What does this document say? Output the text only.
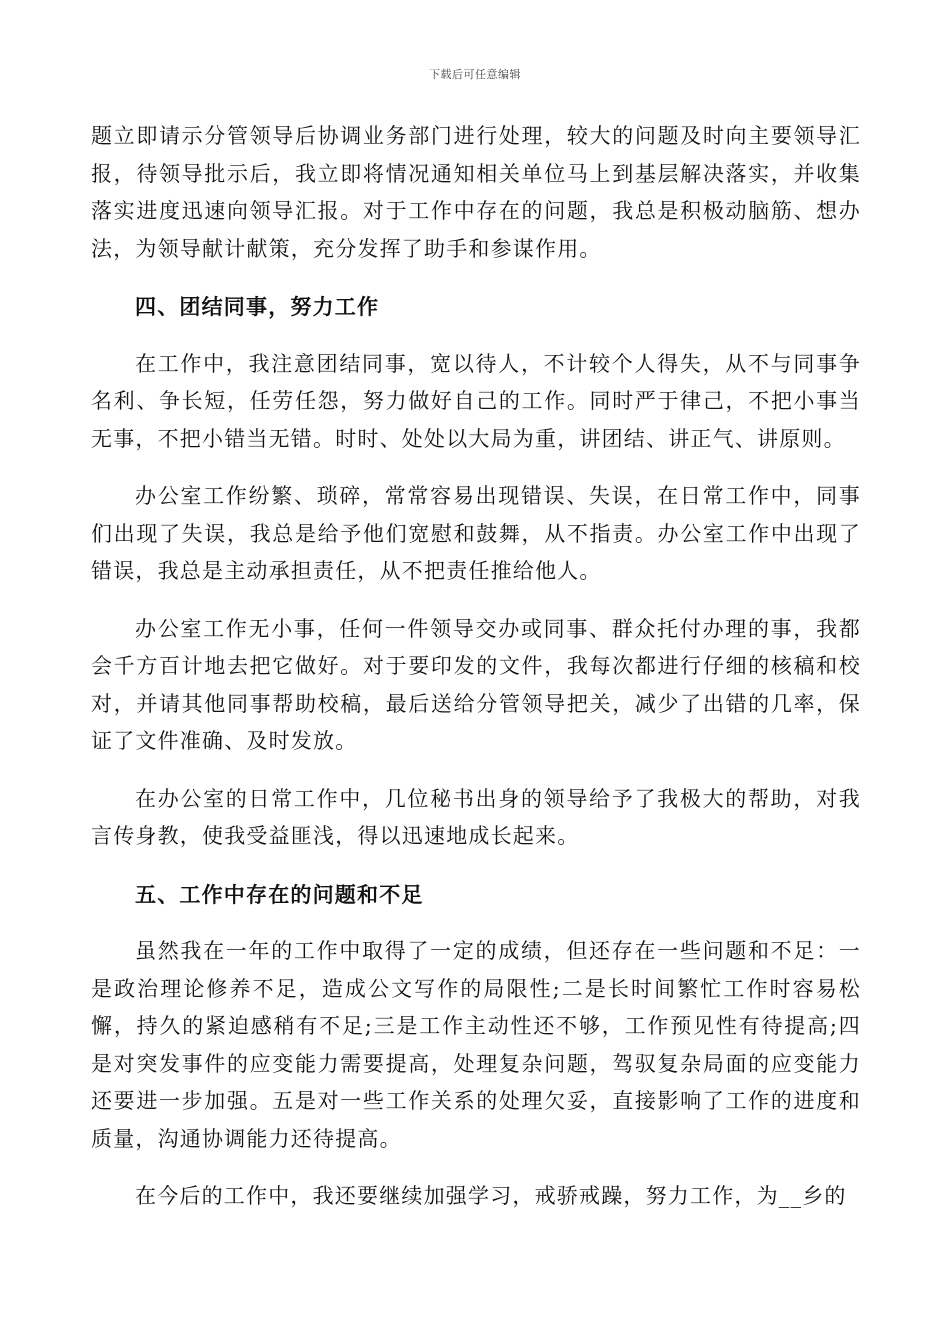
下载后可任意编辑

题立即请示分管领导后协调业务部门进行处理，较大的问题及时向主要领导汇报，待领导批示后，我立即将情况通知相关单位马上到基层解决落实，并收集落实进度迅速向领导汇报。对于工作中存在的问题，我总是积极动脑筋、想办法，为领导献计献策，充分发挥了助手和参谋作用。

四、团结同事，努力工作

在工作中，我注意团结同事，宽以待人，不计较个人得失，从不与同事争名利、争长短，任劳任怨，努力做好自己的工作。同时严于律己，不把小事当无事，不把小错当无错。时时、处处以大局为重，讲团结、讲正气、讲原则。

办公室工作纷繁、琐碎，常常容易出现错误、失误，在日常工作中，同事们出现了失误，我总是给予他们宽慰和鼓舞，从不指责。办公室工作中出现了错误，我总是主动承担责任，从不把责任推给他人。

办公室工作无小事，任何一件领导交办或同事、群众托付办理的事，我都会千方百计地去把它做好。对于要印发的文件，我每次都进行仔细的核稿和校对，并请其他同事帮助校稿，最后送给分管领导把关，减少了出错的几率，保证了文件准确、及时发放。

在办公室的日常工作中，几位秘书出身的领导给予了我极大的帮助，对我言传身教，使我受益匪浅，得以迅速地成长起来。

五、工作中存在的问题和不足

虽然我在一年的工作中取得了一定的成绩，但还存在一些问题和不足：一是政治理论修养不足，造成公文写作的局限性;二是长时间繁忙工作时容易松懈，持久的紧迫感稍有不足;三是工作主动性还不够，工作预见性有待提高;四是对突发事件的应变能力需要提高，处理复杂问题，驾驭复杂局面的应变能力还要进一步加强。五是对一些工作关系的处理欠妥，直接影响了工作的进度和质量，沟通协调能力还待提高。

在今后的工作中，我还要继续加强学习，戒骄戒躁，努力工作，为__乡的
